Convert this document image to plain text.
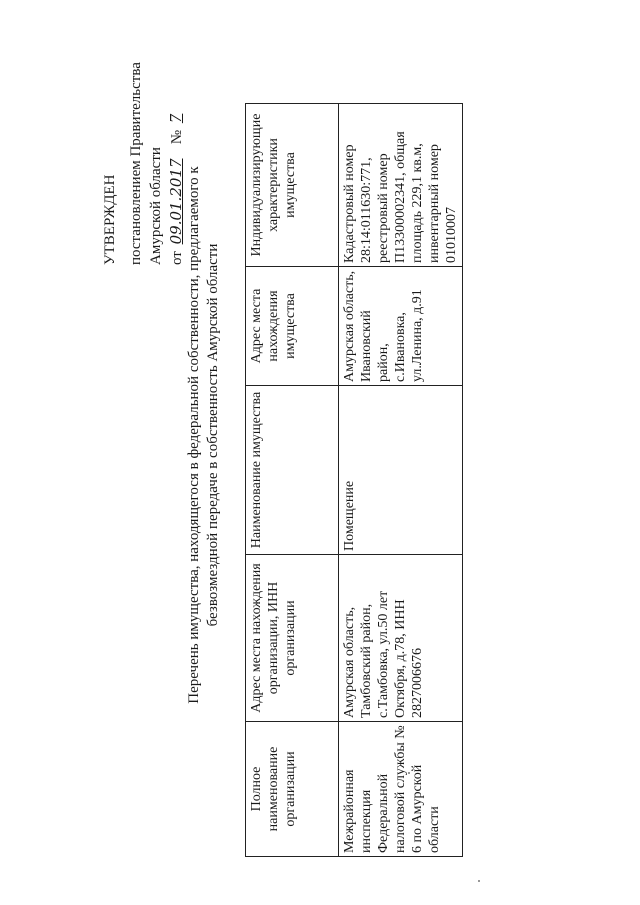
УТВЕРЖДЕН постановлением Правительства Амурской области от 09.01.2017   № 7
Перечень имущества, находящегося в федеральной собственности, предлагаемого к безвозмездной передаче в собственность Амурской области
Полное наименование организации	Адрес места нахождения организации, ИНН организации	Наименование имущества	Адрес места нахождения имущества	Индивидуализирующие характеристики имущества
Межрайонная инспекция Федеральной налоговой службы № 6 по Амурской области	Амурская область, Тамбовский район, с.Тамбовка, ул.50 лет Октября, д.78, ИНН 2827006676	Помещение	Амурская область, Ивановский район, с.Ивановка, ул.Ленина, д.91	Кадастровый номер 28:14:011630:771, реестровый номер П13300002341, общая площадь 229,1 кв.м, инвентарный номер 01010007
